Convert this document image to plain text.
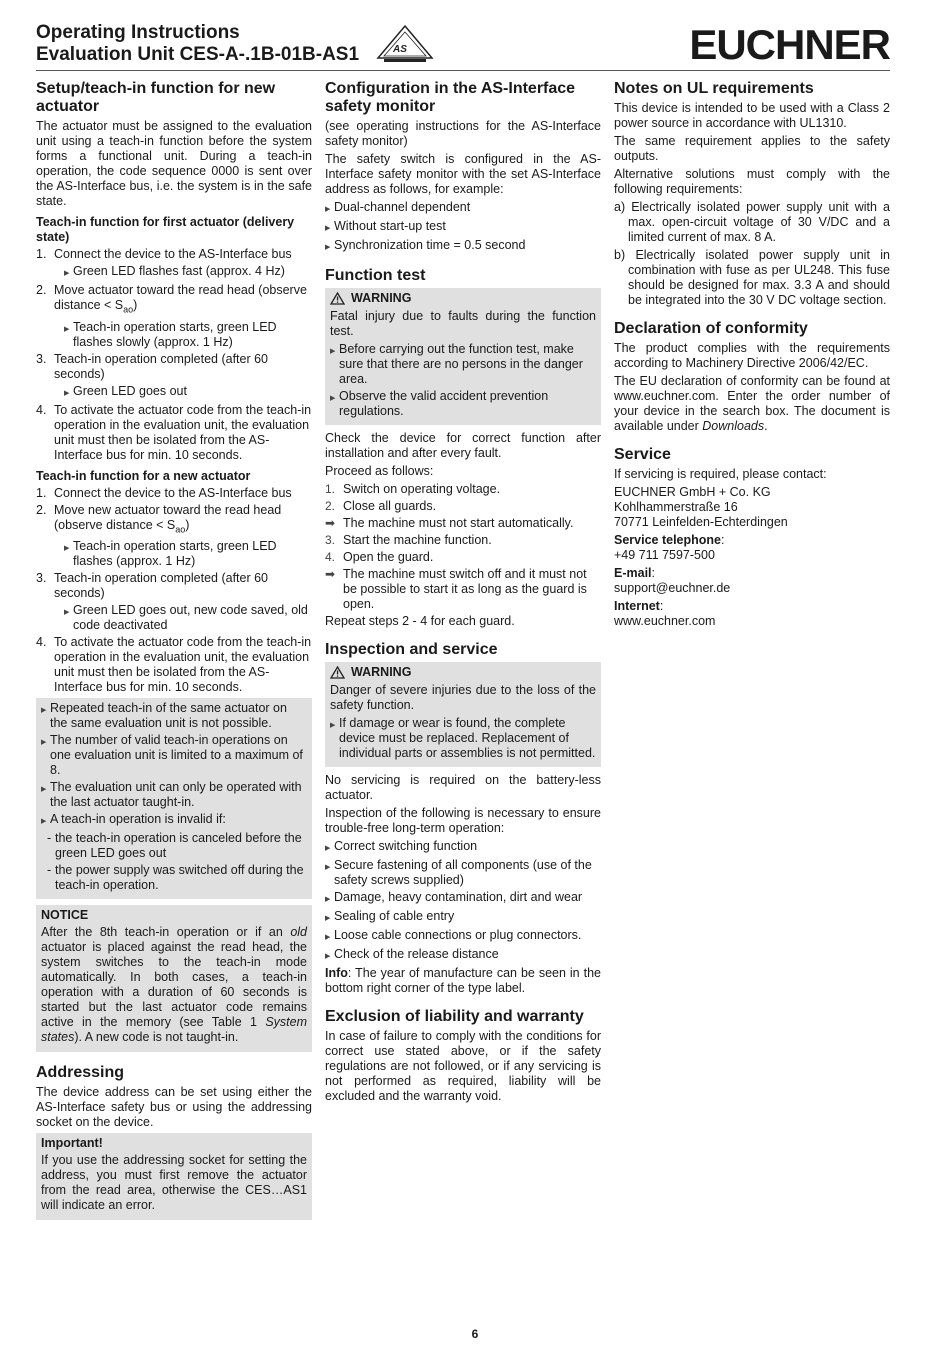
Operating Instructions
Evaluation Unit CES-A-.1B-01B-AS1	AS	EUCHNER
Setup/teach-in function for new actuator

The actuator must be assigned to the evaluation unit using a teach-in function before the system forms a functional unit. During a teach-in operation, the code sequence 0000 is sent over the AS-Interface bus, i.e. the system is in the safe state.

Teach-in function for first actuator (delivery state)
1. Connect the device to the AS-Interface bus
▶ Green LED flashes fast (approx. 4 Hz)
2. Move actuator toward the read head (observe distance < $S_{ao}$)
▶ Teach-in operation starts, green LED flashes slowly (approx. 1 Hz)
3. Teach-in operation completed (after 60 seconds)
▶ Green LED goes out
4. To activate the actuator code from the teach-in operation in the evaluation unit, the evaluation unit must then be isolated from the AS-Interface bus for min. 10 seconds.
Teach-in function for a new actuator
1. Connect the device to the AS-Interface bus
2. Move new actuator toward the read head (observe distance < $S_{ao}$)
▶ Teach-in operation starts, green LED flashes (approx. 1 Hz)
3. Teach-in operation completed (after 60 seconds)
▶ Green LED goes out, new code saved, old code deactivated
4. To activate the actuator code from the teach-in operation in the evaluation unit, the evaluation unit must then be isolated from the AS-Interface bus for min. 10 seconds.
▶ Repeated teach-in of the same actuator on the same evaluation unit is not possible.
▶ The number of valid teach-in operations on one evaluation unit is limited to a maximum of 8.
▶ The evaluation unit can only be operated with the last actuator taught-in.
▶ A teach-in operation is invalid if:
- the teach-in operation is canceled before the green LED goes out
- the power supply was switched off during the teach-in operation.
NOTICE

After the 8th teach-in operation or if an old actuator is placed against the read head, the system switches to the teach-in mode automatically. In both cases, a teach-in operation with a duration of 60 seconds is started but the last actuator code remains active in the memory (see Table 1 System states). A new code is not taught-in.

Addressing

The device address can be set using either the AS-Interface safety bus or using the addressing socket on the device.

Important!

If you use the addressing socket for setting the address, you must first remove the actuator from the read area, otherwise the CES…AS1 will indicate an error.

Configuration in the AS-Interface safety monitor

(see operating instructions for the AS-Interface safety monitor)

The safety switch is configured in the AS-Interface safety monitor with the set AS-Interface address as follows, for example:

▶ Dual-channel dependent
▶ Without start-up test
▶ Synchronization time = 0.5 second
Function test
WARNING

Fatal injury due to faults during the function test.

▶ Before carrying out the function test, make sure that there are no persons in the danger area.
▶ Observe the valid accident prevention regulations.

Check the device for correct function after installation and after every fault.

Proceed as follows:

1. Switch on operating voltage.
2. Close all guards.
➡ The machine must not start automatically.
3. Start the machine function.
4. Open the guard.
➡ The machine must switch off and it must not be possible to start it as long as the guard is open.

Repeat steps 2 - 4 for each guard.

Inspection and service
WARNING

Danger of severe injuries due to the loss of the safety function.

▶ If damage or wear is found, the complete device must be replaced. Replacement of individual parts or assemblies is not permitted.

No servicing is required on the battery-less actuator.

Inspection of the following is necessary to ensure trouble-free long-term operation:

▶ Correct switching function
▶ Secure fastening of all components (use of the safety screws supplied)
▶ Damage, heavy contamination, dirt and wear
▶ Sealing of cable entry
▶ Loose cable connections or plug connectors.
▶ Check of the release distance

Info: The year of manufacture can be seen in the bottom right corner of the type label.

Exclusion of liability and warranty

In case of failure to comply with the conditions for correct use stated above, or if the safety regulations are not followed, or if any servicing is not performed as required, liability will be excluded and the warranty void.

Notes on UL requirements

This device is intended to be used with a Class 2 power source in accordance with UL1310.

The same requirement applies to the safety outputs.

Alternative solutions must comply with the following requirements:

a) Electrically isolated power supply unit with a max. open-circuit voltage of 30 V/DC and a limited current of max. 8 A.

b) Electrically isolated power supply unit in combination with fuse as per UL248. This fuse should be designed for max. 3.3 A and should be integrated into the 30 V DC voltage section.

Declaration of conformity

The product complies with the requirements according to Machinery Directive 2006/42/EC.

The EU declaration of conformity can be found at www.euchner.com. Enter the order number of your device in the search box. The document is available under Downloads.

Service

If servicing is required, please contact:

EUCHNER GmbH + Co. KG
Kohlhammerstraße 16
70771 Leinfelden-Echterdingen
Service telephone:
+49 711 7597-500
E-mail:
support@euchner.de
Internet:
www.euchner.com
6
